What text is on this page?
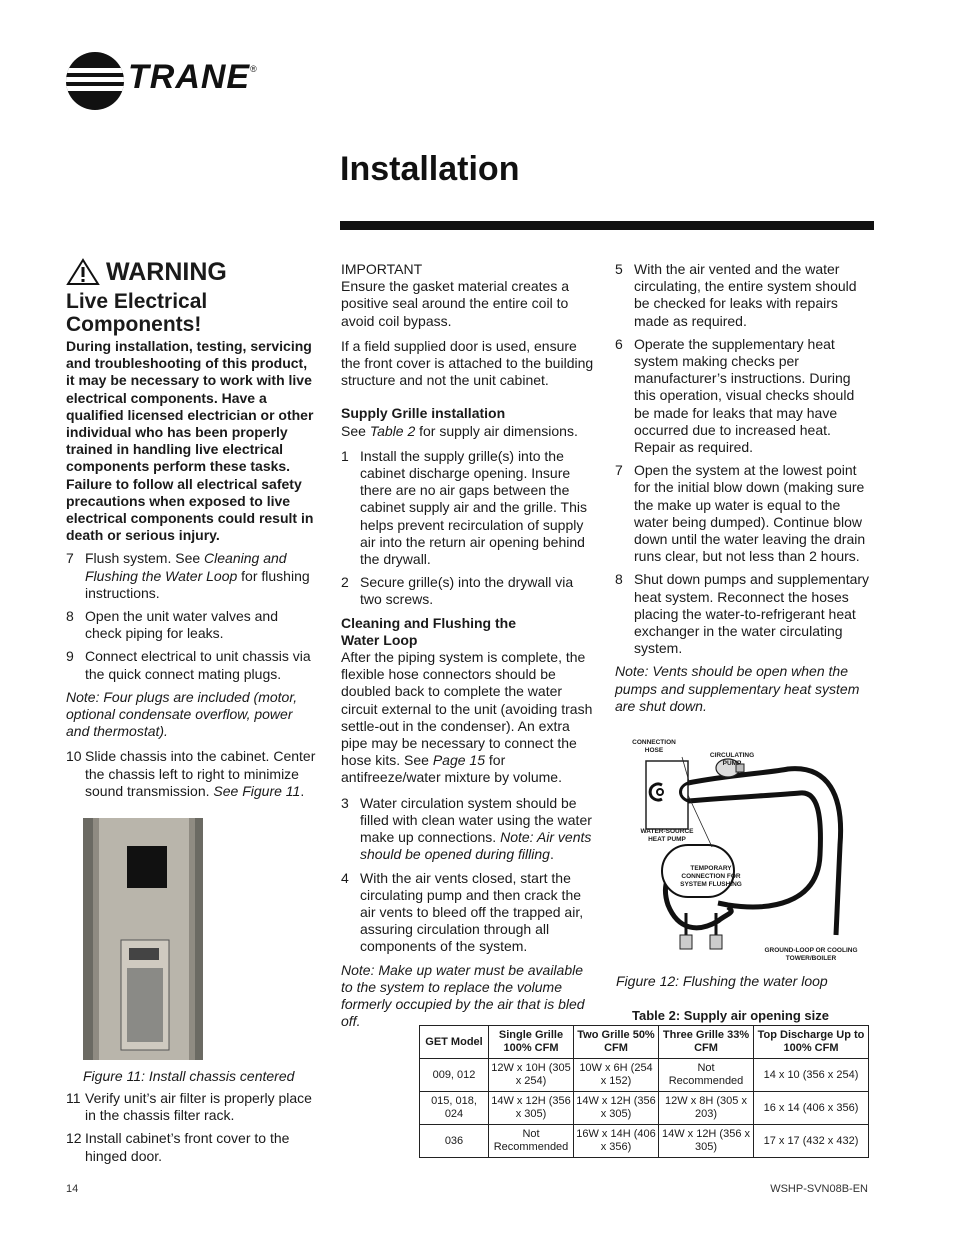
TRANE®
Installation
WARNING
Live Electrical Components!
During installation, testing, servicing and troubleshooting of this product, it may be necessary to work with live electrical components. Have a qualified licensed electrician or other individual who has been properly trained in handling live electrical components perform these tasks. Failure to follow all electrical safety precautions when exposed to live electrical components could result in death or serious injury.
7 Flush system. See Cleaning and Flushing the Water Loop for flushing instructions.
8 Open the unit water valves and check piping for leaks.
9 Connect electrical to unit chassis via the quick connect mating plugs.

Note: Four plugs are included (motor, optional condensate overflow, power and thermostat).

10 Slide chassis into the cabinet. Center the chassis left to right to minimize sound transmission. See Figure 11.
Figure 11: Install chassis centered
11 Verify unit’s air filter is properly place in the chassis filter rack.
12 Install cabinet’s front cover to the hinged door.
IMPORTANT

Ensure the gasket material creates a positive seal around the entire coil to avoid coil bypass.

If a field supplied door is used, ensure the front cover is attached to the building structure and not the unit cabinet.

Supply Grille installation

See Table 2 for supply air dimensions.

1 Install the supply grille(s) into the cabinet discharge opening. Insure there are no air gaps between the cabinet supply air and the grille. This helps prevent recirculation of supply air into the return air opening behind the drywall.
2 Secure grille(s) into the drywall via two screws.
Cleaning and Flushing the Water Loop

After the piping system is complete, the flexible hose connectors should be doubled back to complete the water circuit external to the unit (avoiding trash settle-out in the condenser). An extra pipe may be necessary to connect the hose kits. See Page 15 for antifreeze/water mixture by volume.

3 Water circulation system should be filled with clean water using the water make up connections. Note: Air vents should be opened during filling.
4 With the air vents closed, start the circulating pump and then crack the air vents to bleed off the trapped air, assuring circulation through all components of the system.

Note: Make up water must be available to the system to replace the volume formerly occupied by the air that is bled off.

5 With the air vented and the water circulating, the entire system should be checked for leaks with repairs made as required.
6 Operate the supplementary heat system making checks per manufacturer’s instructions. During this operation, visual checks should be made for leaks that may have occurred due to increased heat. Repair as required.
7 Open the system at the lowest point for the initial blow down (making sure the make up water is equal to the water being dumped). Continue blow down until the water leaving the drain runs clear, but not less than 2 hours.
8 Shut down pumps and supplementary heat system. Reconnect the hoses placing the water-to-refrigerant heat exchanger in the water circulating system.

Note: Vents should be open when the pumps and supplementary heat system are shut down.

CONNECTION HOSE
CIRCULATING PUMP
WATER-SOURCE HEAT PUMP
TEMPORARY CONNECTION FOR SYSTEM FLUSHING
GROUND-LOOP OR COOLING TOWER/BOILER
Figure 12: Flushing the water loop
Table 2: Supply air opening size
GET Model	Single Grille 100% CFM	Two Grille 50% CFM	Three Grille 33% CFM	Top Discharge Up to 100% CFM
009, 012	12W x 10H (305 x 254)	10W x 6H (254 x 152)	Not Recommended	14 x 10 (356 x 254)
015, 018, 024	14W x 12H (356 x 305)	14W x 12H (356 x 305)	12W x 8H (305 x 203)	16 x 14 (406 x 356)
036	Not Recommended	16W x 14H (406 x 356)	14W x 12H (356 x 305)	17 x 17 (432 x 432)
14	WSHP-SVN08B-EN
